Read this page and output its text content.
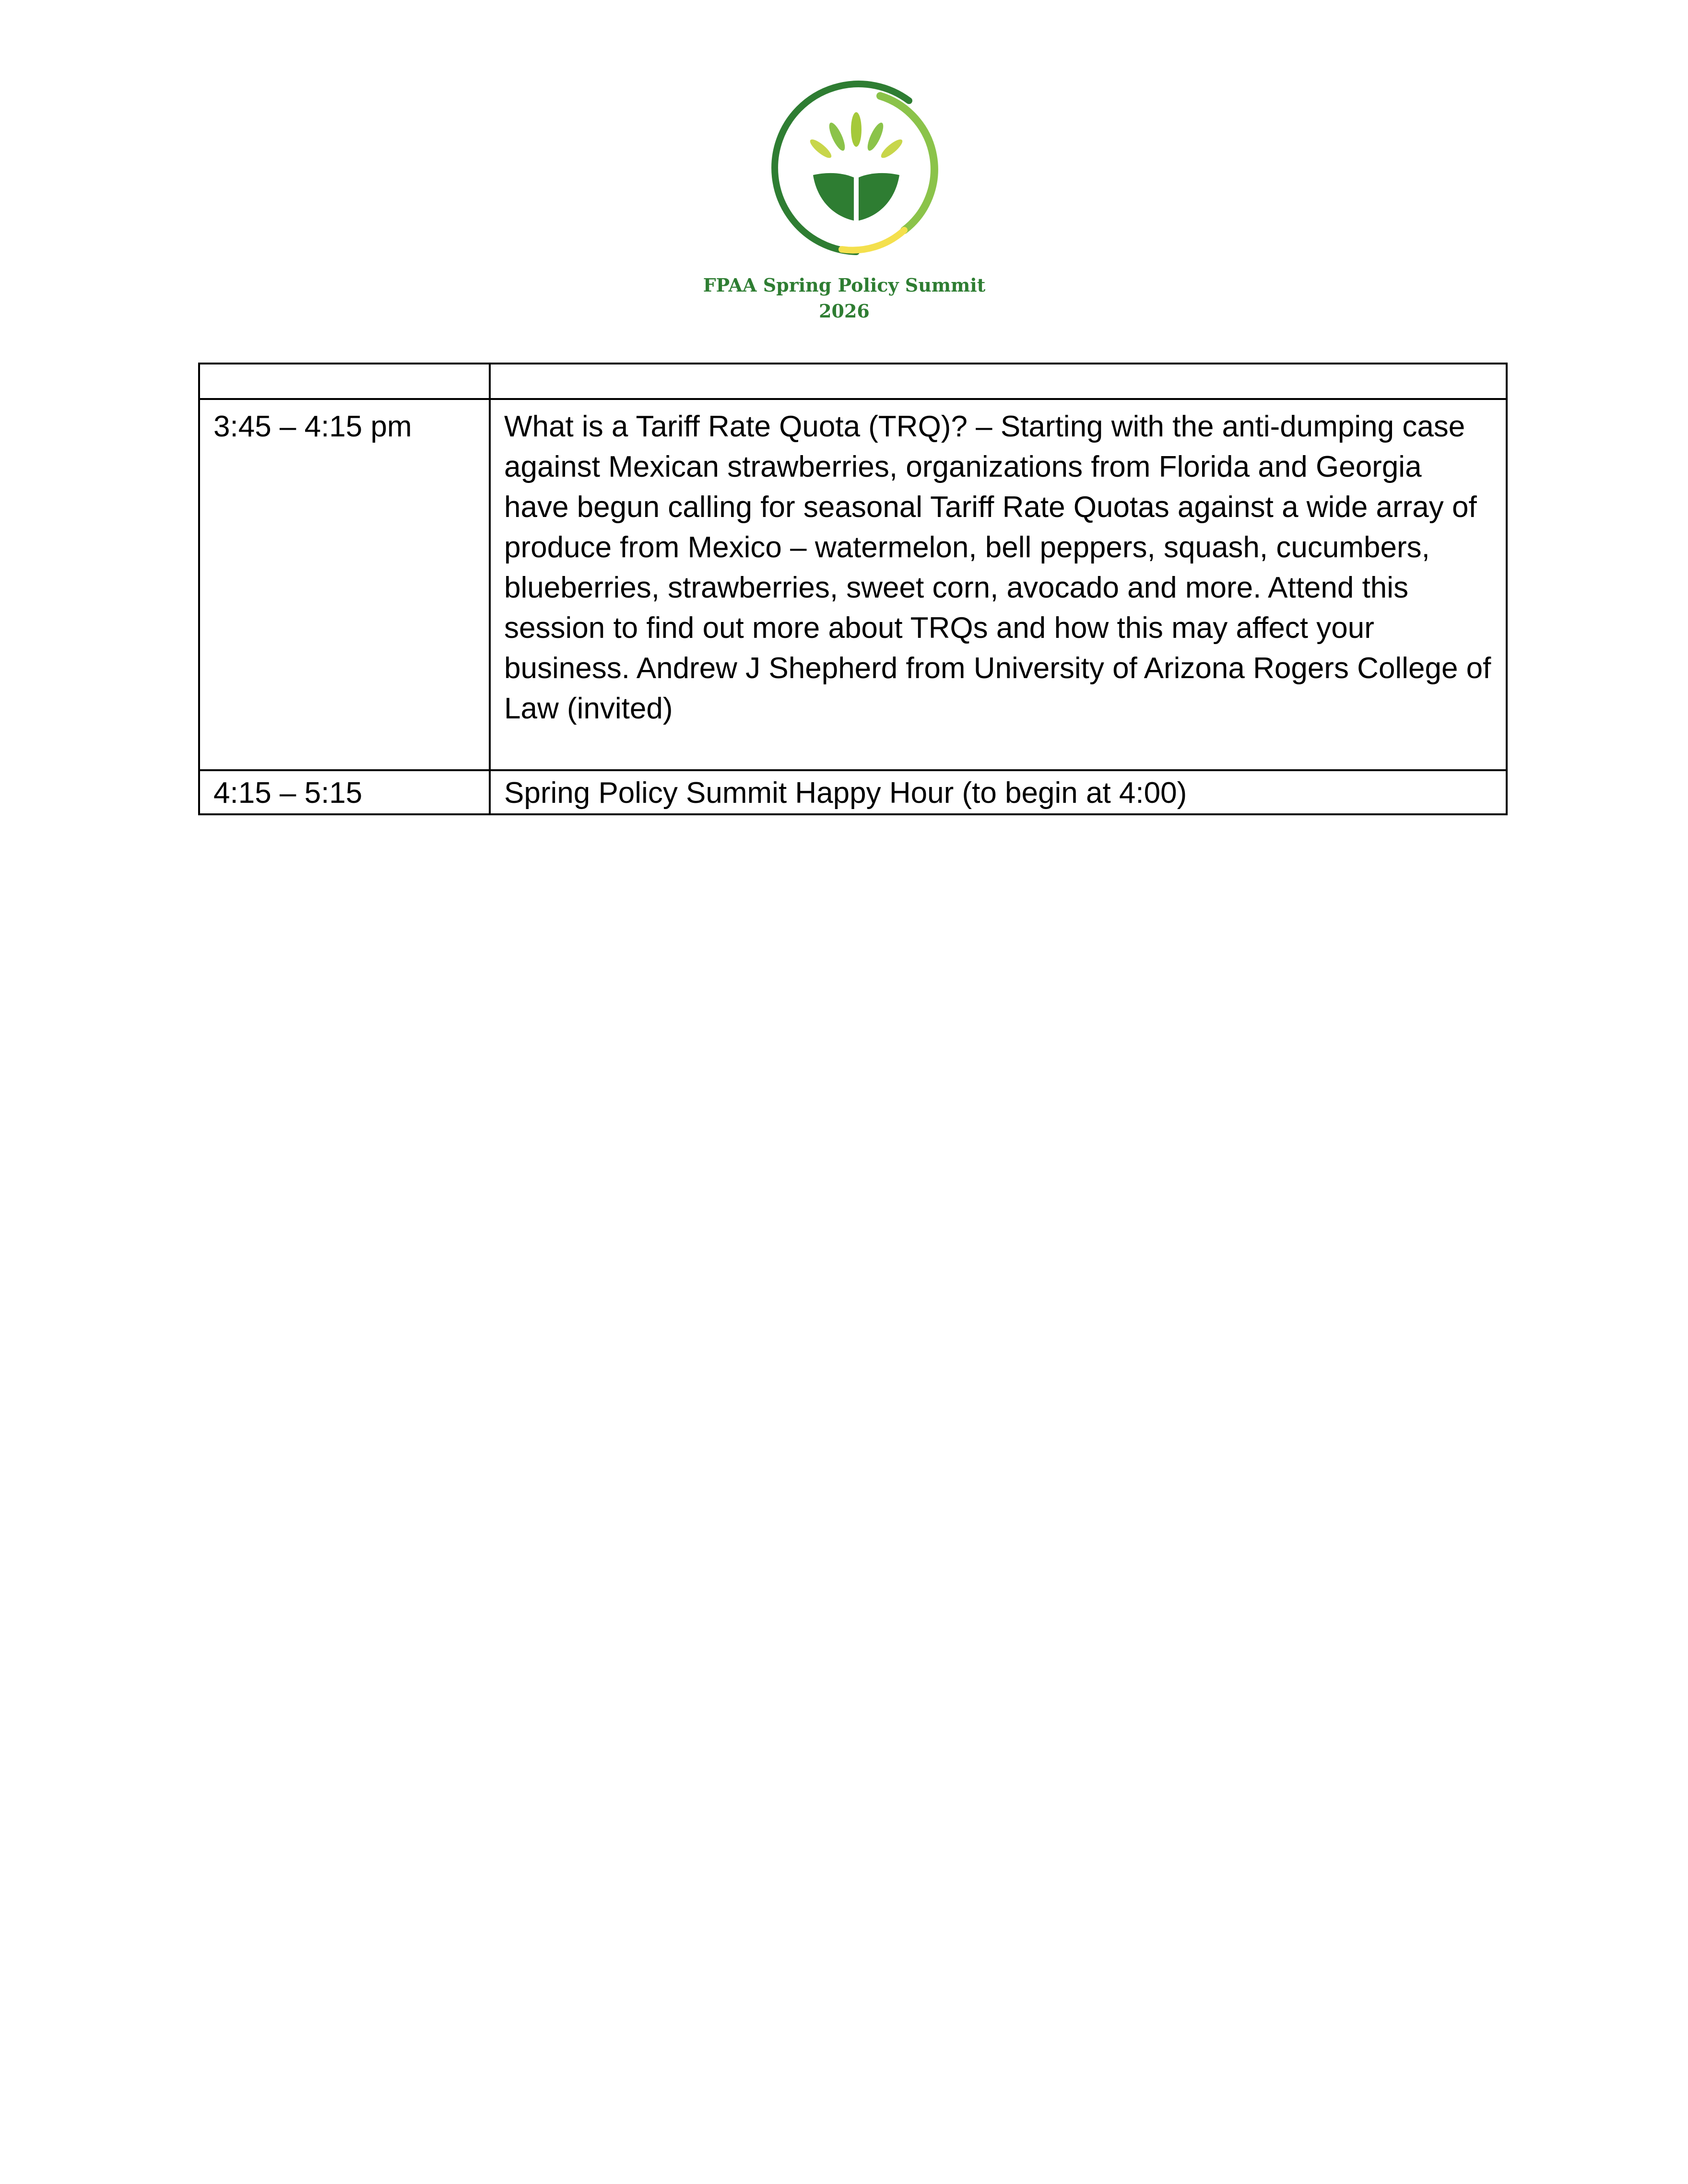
FPAA Spring Policy Summit
2026

3:45 – 4:15 pm	What is a Tariff Rate Quota (TRQ)? – Starting with the anti-dumping case against Mexican strawberries, organizations from Florida and Georgia have begun calling for seasonal Tariff Rate Quotas against a wide array of produce from Mexico – watermelon, bell peppers, squash, cucumbers, blueberries, strawberries, sweet corn, avocado and more. Attend this session to find out more about TRQs and how this may affect your business. Andrew J Shepherd from University of Arizona Rogers College of Law (invited)
4:15 – 5:15	Spring Policy Summit Happy Hour (to begin at 4:00)
